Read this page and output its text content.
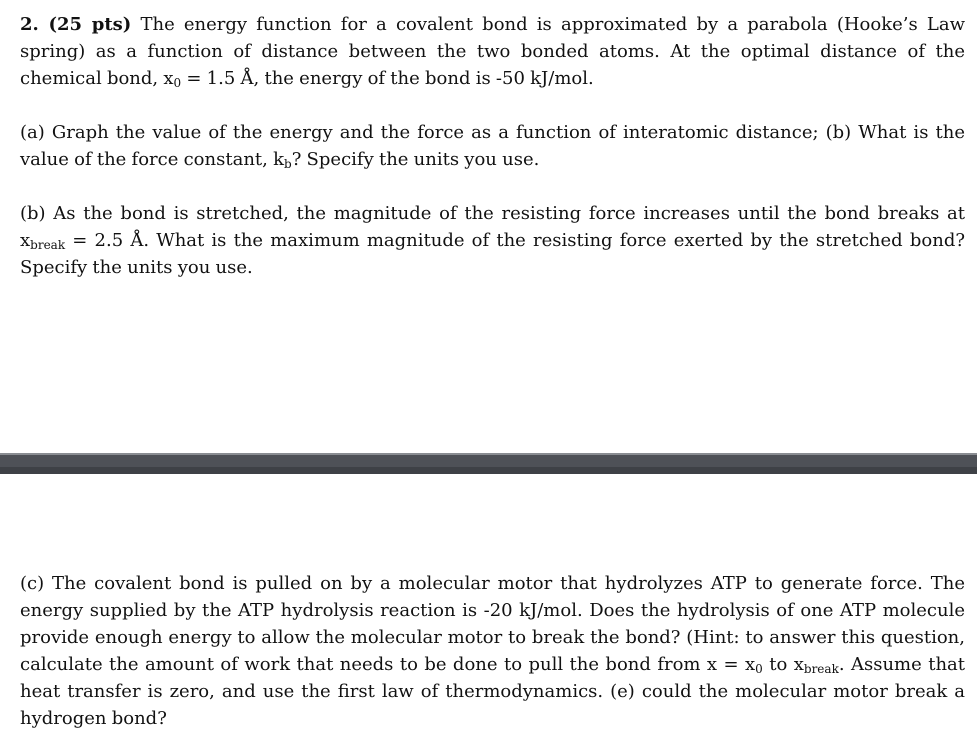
2. (25 pts) The energy function for a covalent bond is approximated by a parabola (Hooke’s Law spring) as a function of distance between the two bonded atoms. At the optimal distance of the chemical bond, $x_0 = 1.5$ Å, the energy of the bond is -50 kJ/mol.

(a) Graph the value of the energy and the force as a function of interatomic distance; (b) What is the value of the force constant, $k_b$? Specify the units you use.

(b) As the bond is stretched, the magnitude of the resisting force increases until the bond breaks at $x_{break} = 2.5$ Å. What is the maximum magnitude of the resisting force exerted by the stretched bond? Specify the units you use.

(c) The covalent bond is pulled on by a molecular motor that hydrolyzes ATP to generate force. The energy supplied by the ATP hydrolysis reaction is -20 kJ/mol. Does the hydrolysis of one ATP molecule provide enough energy to allow the molecular motor to break the bond? (Hint: to answer this question, calculate the amount of work that needs to be done to pull the bond from $x = x_0$ to $x_{break}$. Assume that heat transfer is zero, and use the first law of thermodynamics. (e) could the molecular motor break a hydrogen bond?
